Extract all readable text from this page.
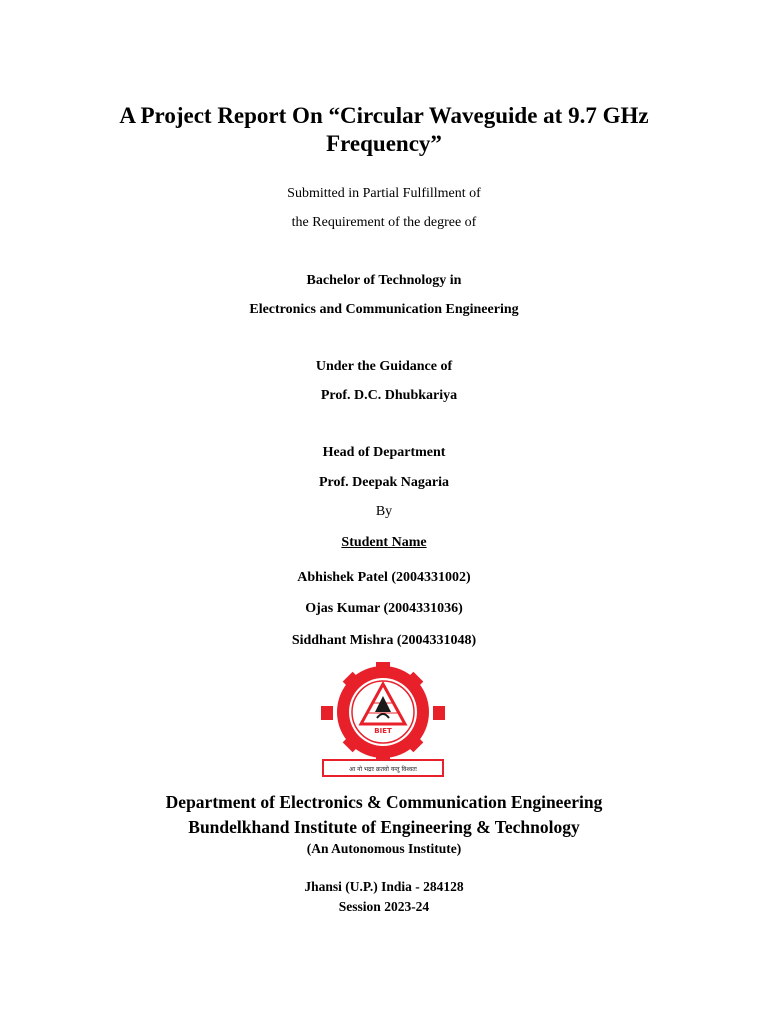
A Project Report On “Circular Waveguide at 9.7 GHz
Frequency”
Submitted in Partial Fulfillment of
the Requirement of the degree of
Bachelor of Technology in
Electronics and Communication Engineering
Under the Guidance of
Prof. D.C. Dhubkariya
Head of Department
Prof. Deepak Nagaria
By
Student Name
Abhishek Patel (2004331002)
Ojas Kumar (2004331036)
Siddhant Mishra (2004331048)
BIET
आ नो भद्राः क्रतवो यन्तु विश्वतः
Department of Electronics & Communication Engineering
Bundelkhand Institute of Engineering & Technology
(An Autonomous Institute)
Jhansi (U.P.) India - 284128
Session 2023-24
